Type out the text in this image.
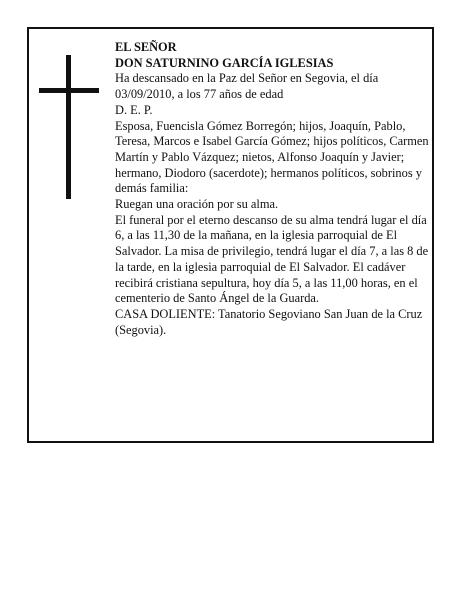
EL SEÑOR

DON SATURNINO GARCÍA IGLESIAS

Ha descansado en la Paz del Señor en Segovia, el día 03/09/2010, a los 77 años de edad

D. E. P.

Esposa, Fuencisla Gómez Borregón; hijos, Joaquín, Pablo, Teresa, Marcos e Isabel García Gómez; hijos políticos, Carmen Martín y Pablo Vázquez; nietos, Alfonso Joaquín y Javier; hermano, Diodoro (sacerdote); hermanos políticos, sobrinos y demás familia:

Ruegan una oración por su alma.

El funeral por el eterno descanso de su alma tendrá lugar el día 6, a las 11,30 de la mañana, en la iglesia parroquial de El Salvador. La misa de privilegio, tendrá lugar el día 7, a las 8 de la tarde, en la iglesia parroquial de El Salvador. El cadáver recibirá cristiana sepultura, hoy día 5, a las 11,00 horas, en el cementerio de Santo Ángel de la Guarda.

CASA DOLIENTE: Tanatorio Segoviano San Juan de la Cruz (Segovia).
